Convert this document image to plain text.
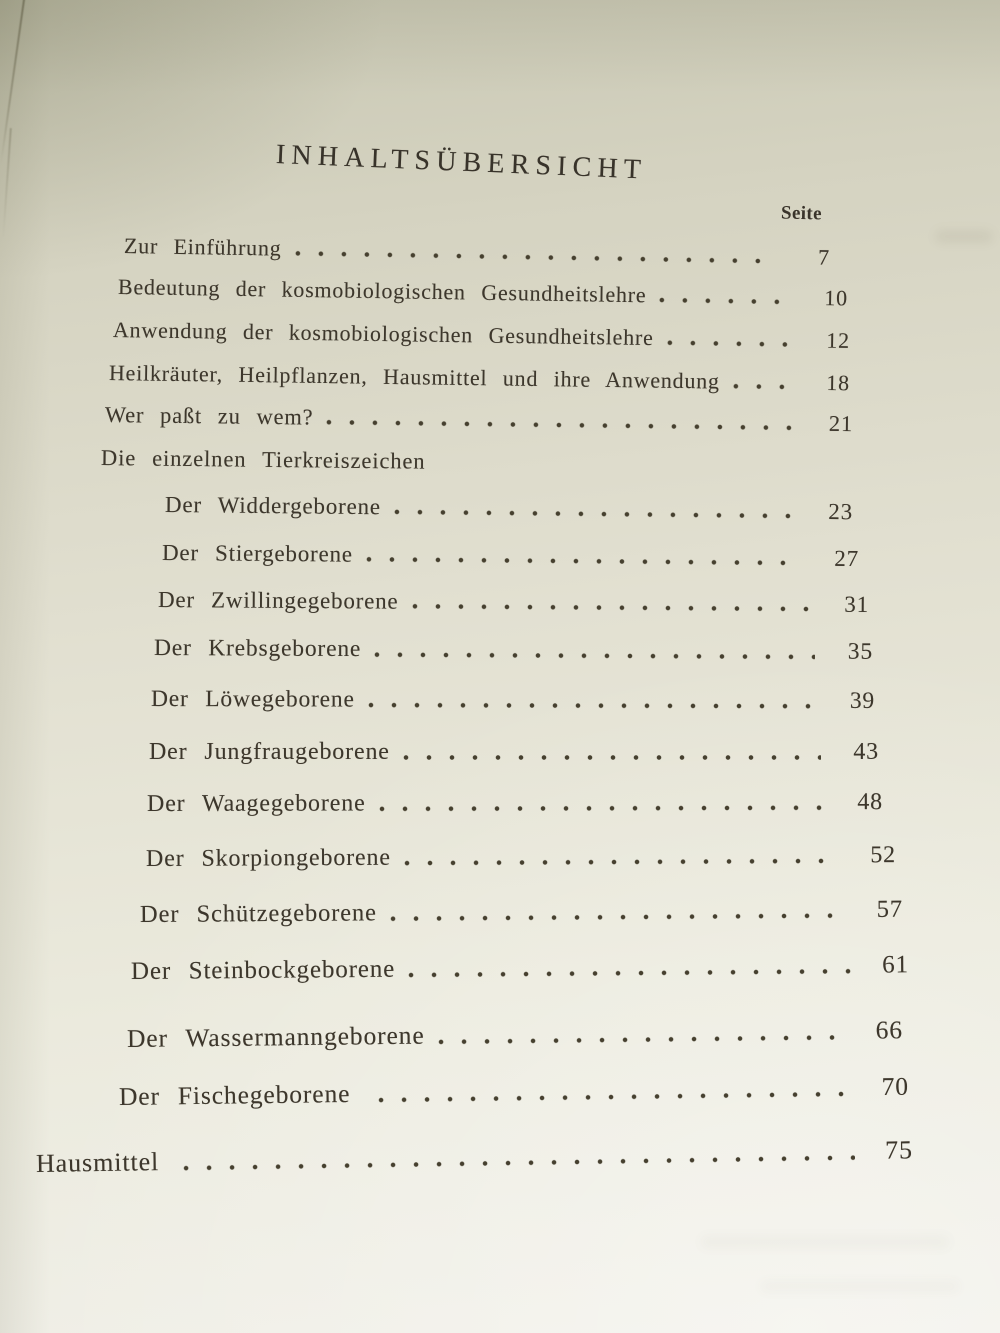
INHALTSÜBERSICHT
Seite
Zur Einführung	7
Bedeutung der kosmobiologischen Gesundheitslehre	10
Anwendung der kosmobiologischen Gesundheitslehre	12
Heilkräuter, Heilpflanzen, Hausmittel und ihre Anwendung	18
Wer paßt zu wem?	21
Die einzelnen Tierkreiszeichen
Der Widdergeborene	23
Der Stiergeborene	27
Der Zwillingegeborene	31
Der Krebsgeborene	35
Der Löwegeborene	39
Der Jungfraugeborene	43
Der Waagegeborene	48
Der Skorpiongeborene	52
Der Schützegeborene	57
Der Steinbockgeborene	61
Der Wassermanngeborene	66
Der Fischegeborene	70
Hausmittel	75
